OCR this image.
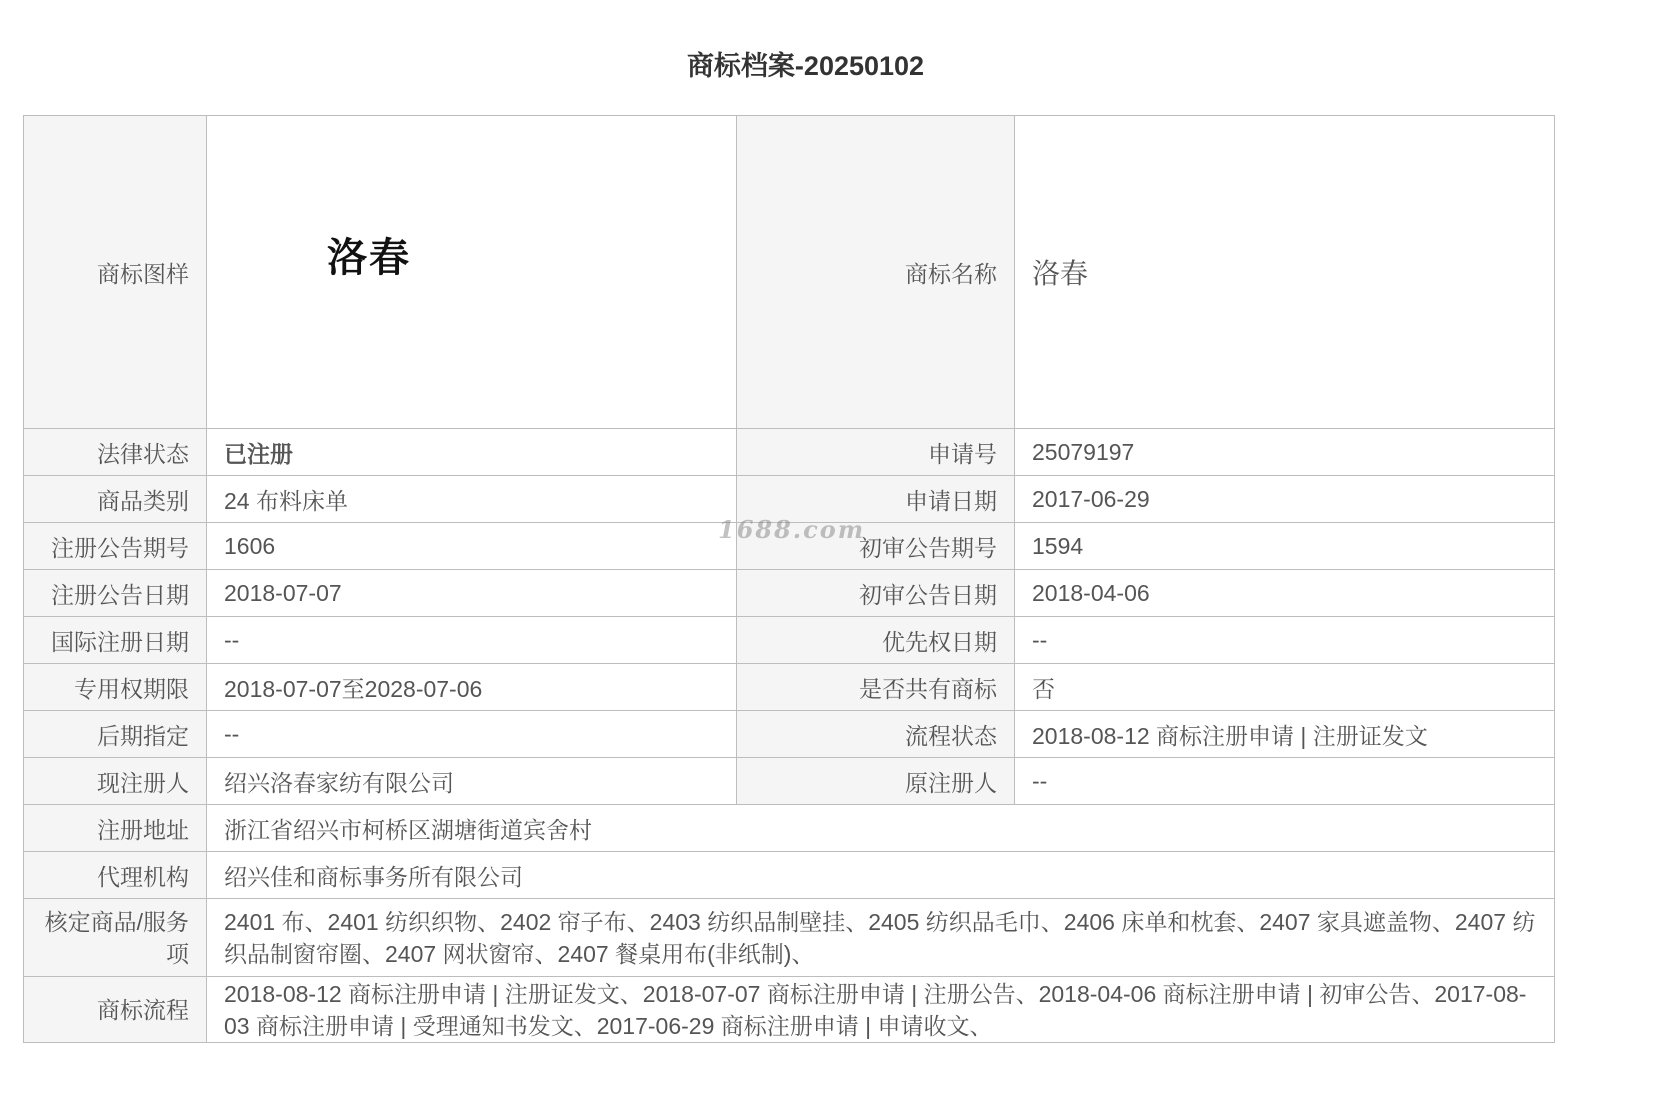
商标档案-20250102
商标图样	洛春	商标名称	洛春
法律状态	已注册	申请号	25079197
商品类别	24 布料床单	申请日期	2017-06-29
注册公告期号	1606	初审公告期号	1594
注册公告日期	2018-07-07	初审公告日期	2018-04-06
国际注册日期	--	优先权日期	--
专用权期限	2018-07-07至2028-07-06	是否共有商标	否
后期指定	--	流程状态	2018-08-12 商标注册申请 | 注册证发文
现注册人	绍兴洛春家纺有限公司	原注册人	--
注册地址	浙江省绍兴市柯桥区湖塘街道宾舍村		
代理机构	绍兴佳和商标事务所有限公司		
核定商品/服务项	2401 布、2401 纺织织物、2402 帘子布、2403 纺织品制壁挂、2405 纺织品毛巾、2406 床单和枕套、2407 家具遮盖物、2407 纺织品制窗帘圈、2407 网状窗帘、2407 餐桌用布(非纸制)、		
商标流程	2018-08-12 商标注册申请 | 注册证发文、2018-07-07 商标注册申请 | 注册公告、2018-04-06 商标注册申请 | 初审公告、2017-08-03 商标注册申请 | 受理通知书发文、2017-06-29 商标注册申请 | 申请收文、		
1688.com
